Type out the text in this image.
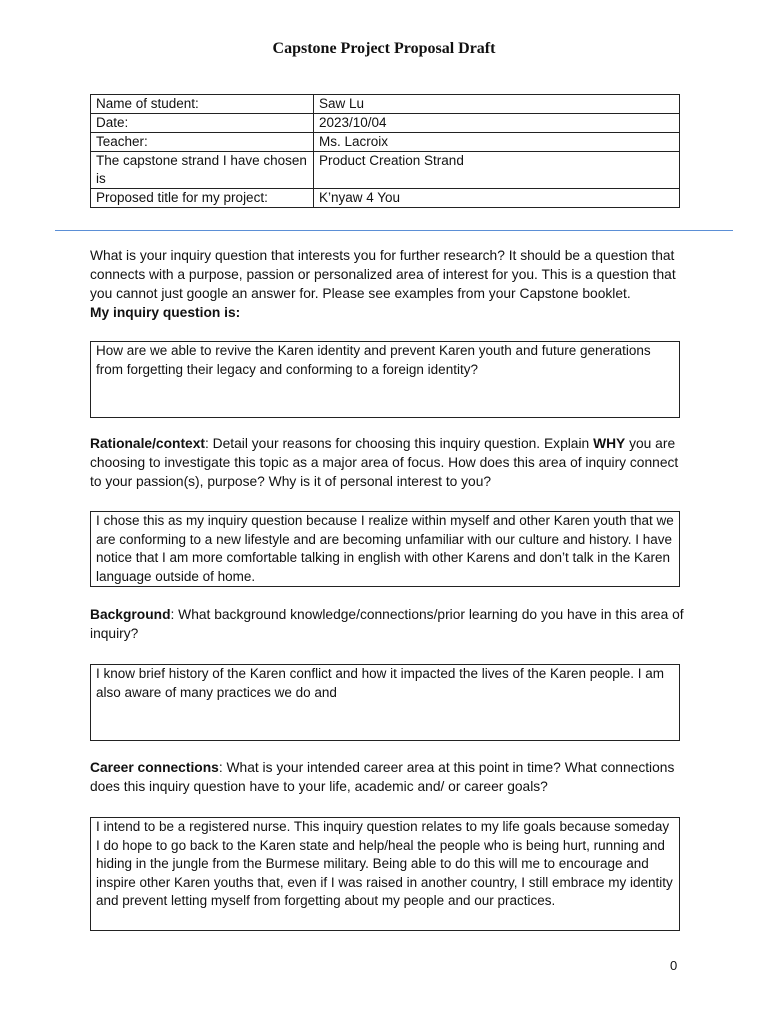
Capstone Project Proposal Draft
Name of student:	Saw Lu
Date:	2023/10/04
Teacher:	Ms. Lacroix
The capstone strand I have chosen is	Product Creation Strand
Proposed title for my project:	K’nyaw 4 You
What is your inquiry question that interests you for further research? It should be a question that connects with a purpose, passion or personalized area of interest for you. This is a question that you cannot just google an answer for. Please see examples from your Capstone booklet.
My inquiry question is:
How are we able to revive the Karen identity and prevent Karen youth and future generations from forgetting their legacy and conforming to a foreign identity?
Rationale/context: Detail your reasons for choosing this inquiry question. Explain WHY you are choosing to investigate this topic as a major area of focus. How does this area of inquiry connect to your passion(s), purpose? Why is it of personal interest to you?
I chose this as my inquiry question because I realize within myself and other Karen youth that we are conforming to a new lifestyle and are becoming unfamiliar with our culture and history. I have notice that I am more comfortable talking in english with other Karens and don’t talk in the Karen language outside of home.
Background: What background knowledge/connections/prior learning do you have in this area of inquiry?
I know brief history of the Karen conflict and how it impacted the lives of the Karen people. I am also aware of many practices we do and
Career connections: What is your intended career area at this point in time? What connections does this inquiry question have to your life, academic and/ or career goals?
I intend to be a registered nurse. This inquiry question relates to my life goals because someday I do hope to go back to the Karen state and help/heal the people who is being hurt, running and hiding in the jungle from the Burmese military. Being able to do this will me to encourage and inspire other Karen youths that, even if I was raised in another country, I still embrace my identity and prevent letting myself from forgetting about my people and our practices.
0
